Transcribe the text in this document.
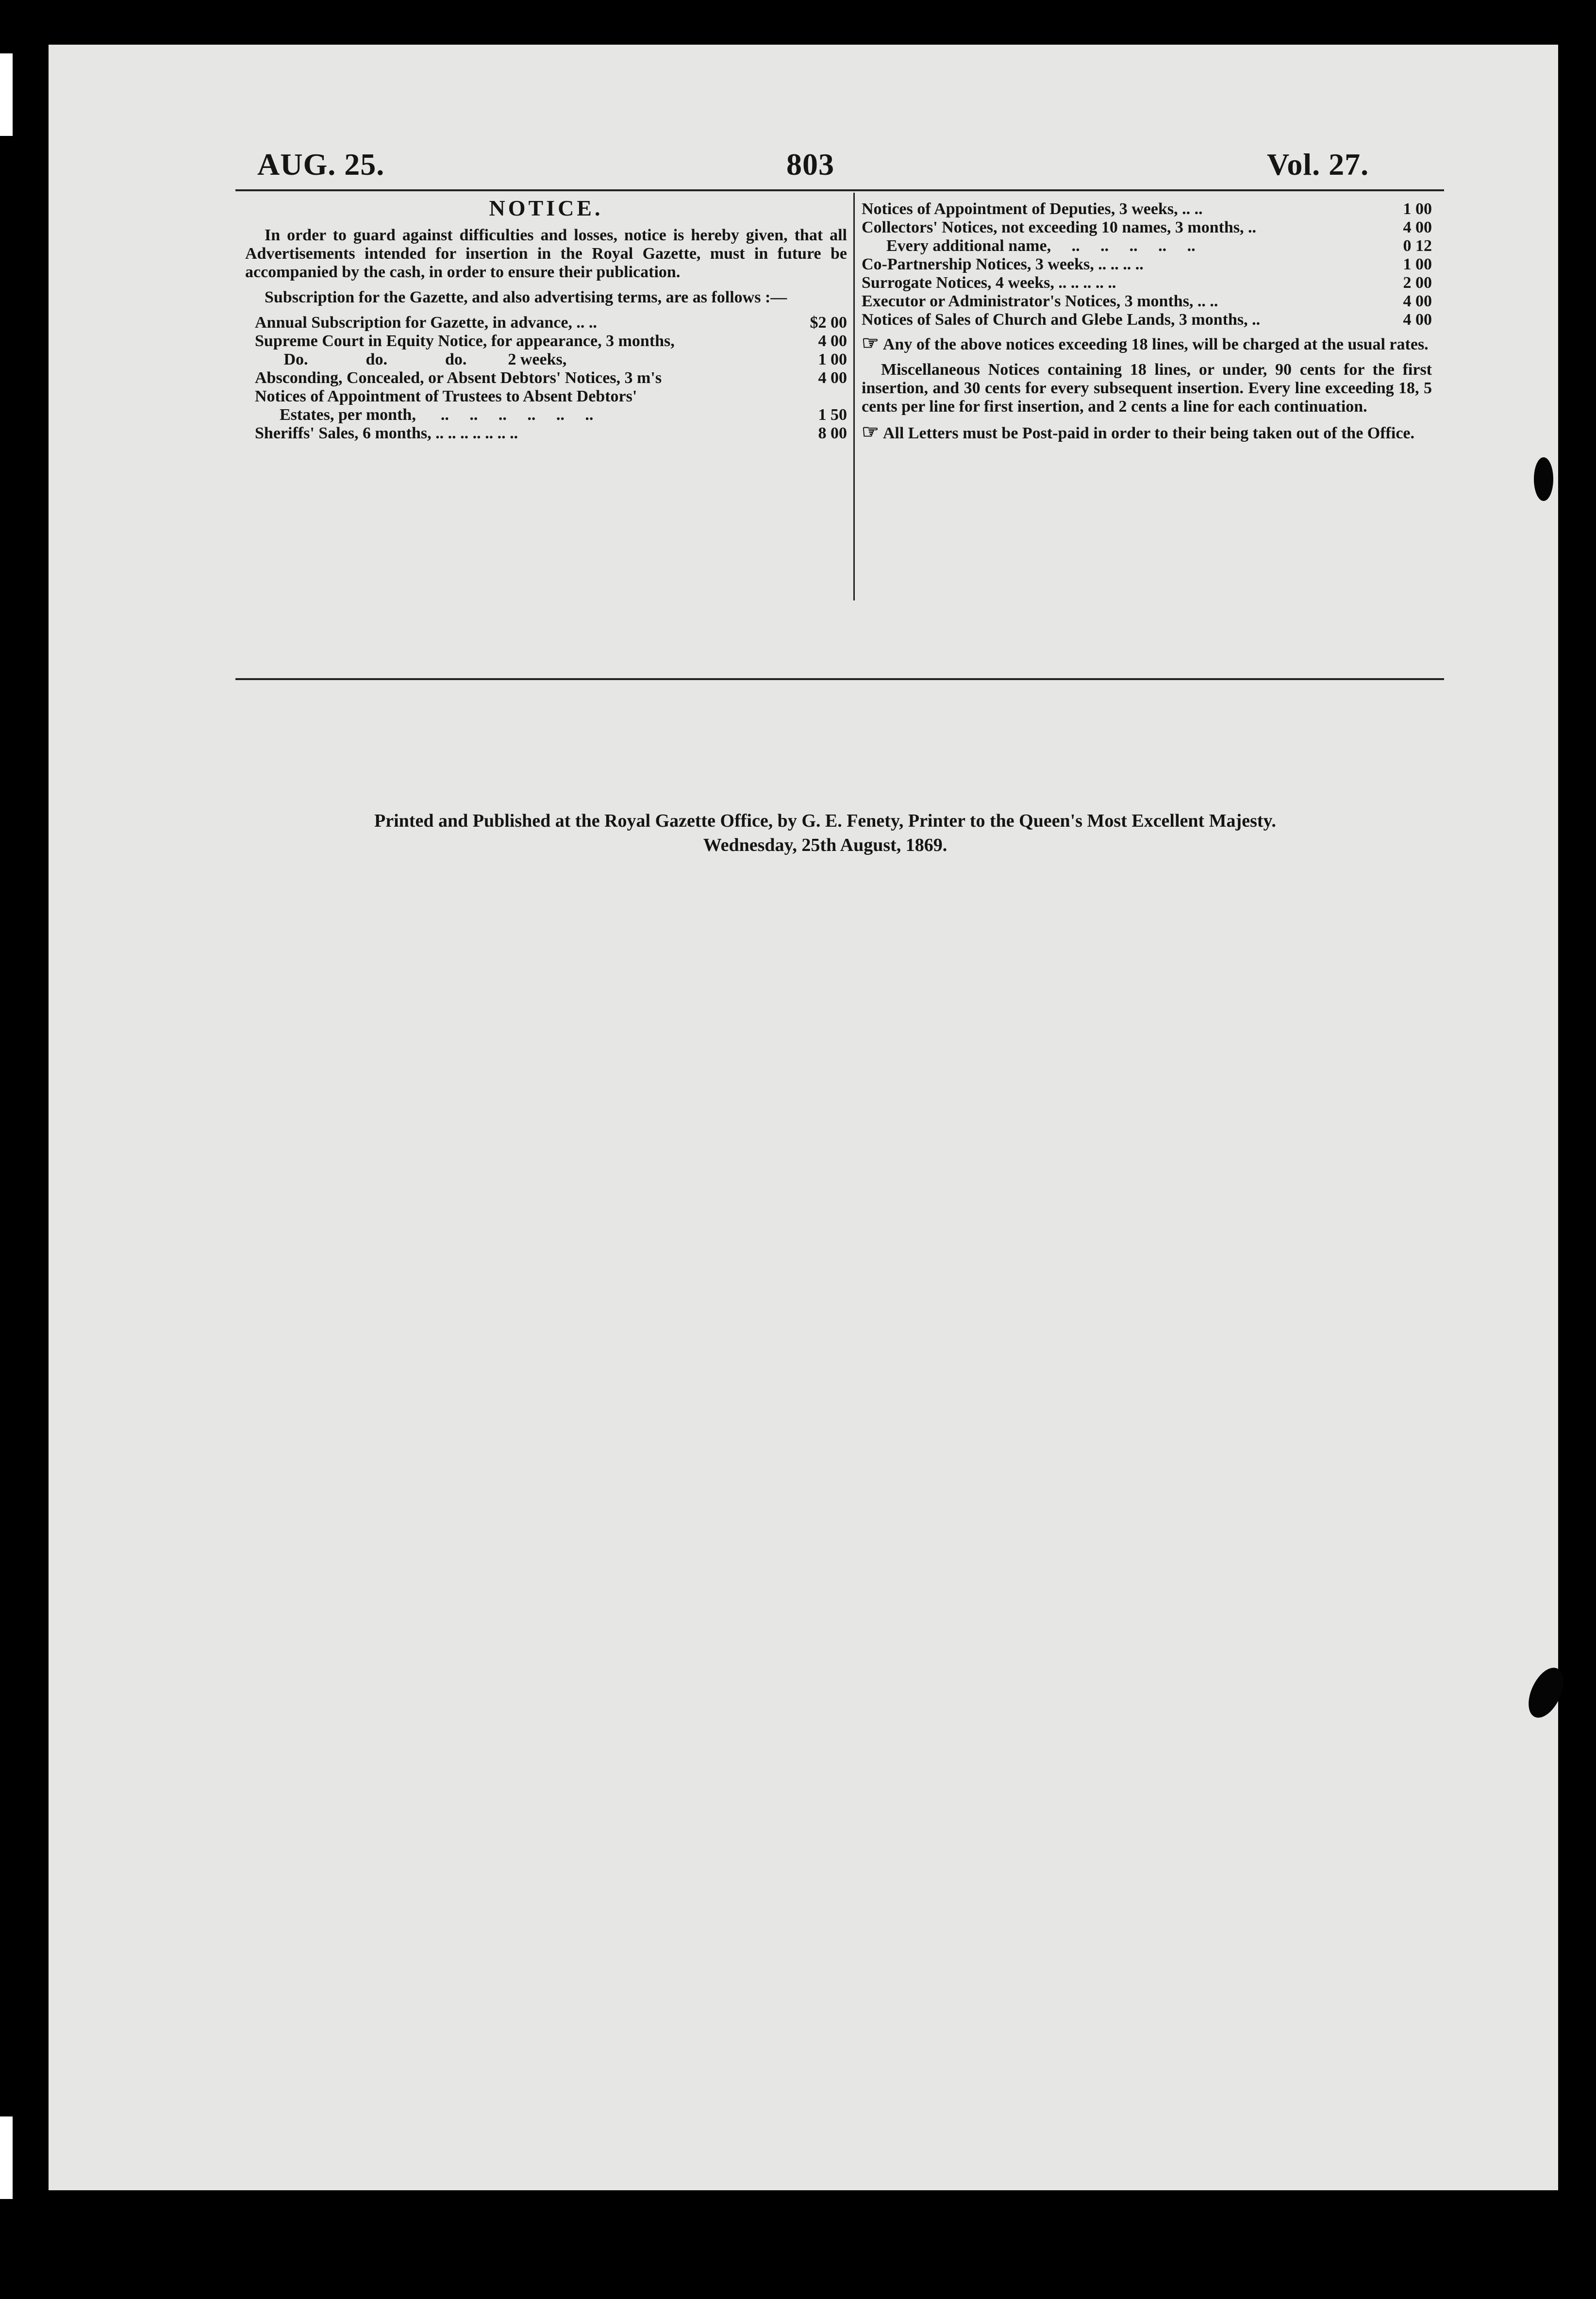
AUG. 25.	803	Vol. 27.
NOTICE.

In order to guard against difficulties and losses, notice is hereby given, that all Advertisements intended for insertion in the Royal Gazette, must in future be accompanied by the cash, in order to ensure their publication.

Subscription for the Gazette, and also advertising terms, are as follows :—

Annual Subscription for Gazette, in advance, .. ..	$2 00
Supreme Court in Equity Notice, for appearance, 3 months,	4 00
Do.              do.              do.          2 weeks,	1 00
Absconding, Concealed, or Absent Debtors' Notices, 3 m's	4 00
Notices of Appointment of Trustees to Absent Debtors'
Estates, per month,      ..     ..     ..     ..     ..     ..	1 50
Sheriffs' Sales, 6 months, .. .. .. .. .. .. ..	8 00
Notices of Appointment of Deputies, 3 weeks, .. ..	1 00
Collectors' Notices, not exceeding 10 names, 3 months, ..	4 00
Every additional name,     ..     ..     ..     ..     ..	0 12
Co-Partnership Notices, 3 weeks, .. .. .. ..	1 00
Surrogate Notices, 4 weeks, .. .. .. .. ..	2 00
Executor or Administrator's Notices, 3 months, .. ..	4 00
Notices of Sales of Church and Glebe Lands, 3 months, ..	4 00

☞ Any of the above notices exceeding 18 lines, will be charged at the usual rates.

Miscellaneous Notices containing 18 lines, or under, 90 cents for the first insertion, and 30 cents for every subsequent insertion. Every line exceeding 18, 5 cents per line for first insertion, and 2 cents a line for each continuation.

☞ All Letters must be Post-paid in order to their being taken out of the Office.

Printed and Published at the Royal Gazette Office, by G. E. Fenety, Printer to the Queen's Most Excellent Majesty.
Wednesday, 25th August, 1869.
